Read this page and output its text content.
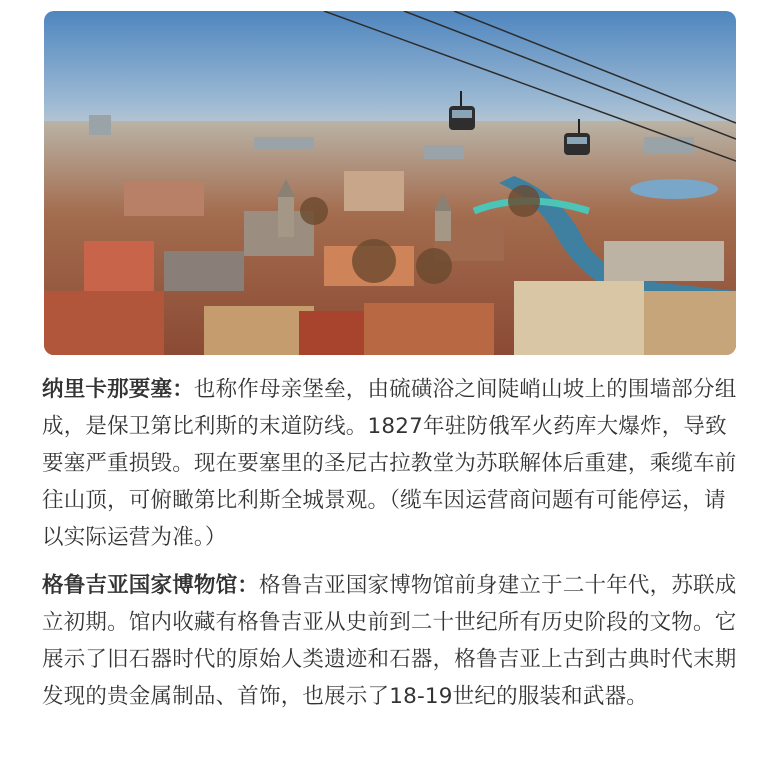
纳里卡那要塞：也称作母亲堡垒，由硫磺浴之间陡峭山坡上的围墙部分组成，是保卫第比利斯的末道防线。1827年驻防俄军火药库大爆炸，导致要塞严重损毁。现在要塞里的圣尼古拉教堂为苏联解体后重建，乘缆车前往山顶，可俯瞰第比利斯全城景观。（缆车因运营商问题有可能停运，请以实际运营为准。）

格鲁吉亚国家博物馆：格鲁吉亚国家博物馆前身建立于二十年代，苏联成立初期。馆内收藏有格鲁吉亚从史前到二十世纪所有历史阶段的文物。它展示了旧石器时代的原始人类遗迹和石器，格鲁吉亚上古到古典时代末期发现的贵金属制品、首饰，也展示了18-19世纪的服装和武器。
